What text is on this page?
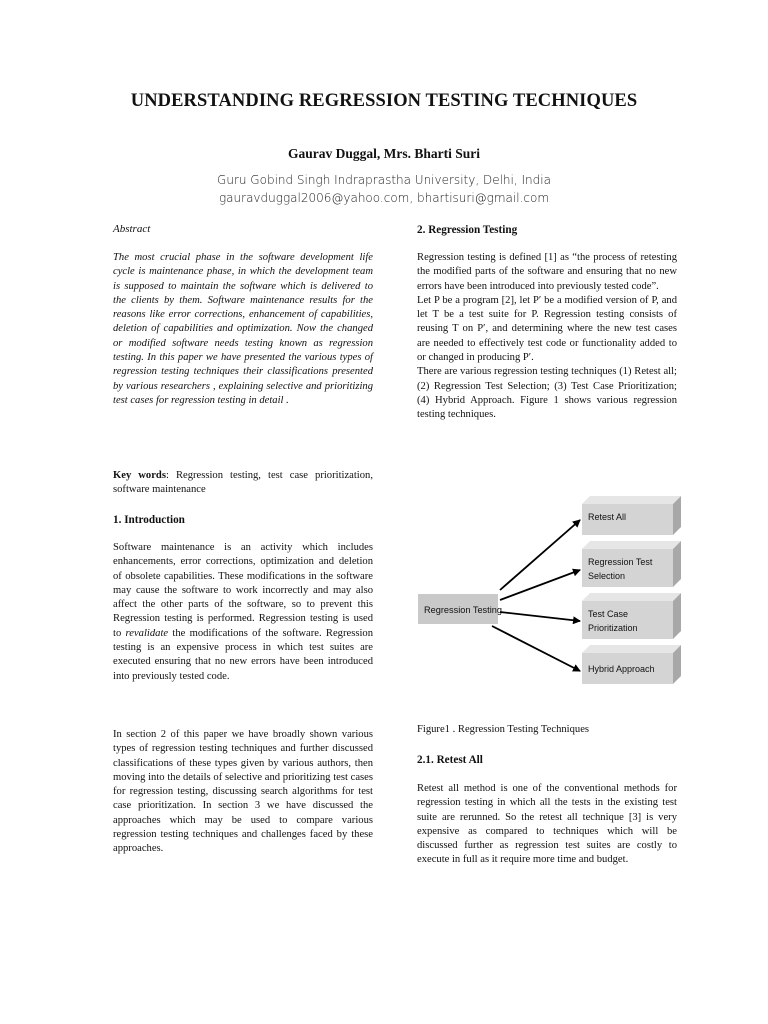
UNDERSTANDING REGRESSION TESTING TECHNIQUES
Gaurav Duggal, Mrs. Bharti Suri
Guru Gobind Singh Indraprastha University, Delhi, India
gauravduggal2006@yahoo.com, bhartisuri@gmail.com
Abstract

The most crucial phase in the software development life cycle is maintenance phase, in which the development team is supposed to maintain the software which is delivered to the clients by them. Software maintenance results for the reasons like error corrections, enhancement of capabilities, deletion of capabilities and optimization. Now the changed or modified software needs testing known as regression testing. In this paper we have presented the various types of regression testing techniques their classifications presented by various researchers , explaining selective and prioritizing test cases for regression testing in detail .

Key words: Regression testing, test case prioritization, software maintenance

1. Introduction

Software maintenance is an activity which includes enhancements, error corrections, optimization and deletion of obsolete capabilities. These modifications in the software may cause the software to work incorrectly and may also affect the other parts of the software, so to prevent this Regression testing is performed. Regression testing is used to revalidate the modifications of the software. Regression testing is an expensive process in which test suites are executed ensuring that no new errors have been introduced into previously tested code.

In section 2 of this paper we have broadly shown various types of regression testing techniques and further discussed classifications of these types given by various authors, then moving into the details of selective and prioritizing test cases for regression testing, discussing search algorithms for test case prioritization. In section 3 we have discussed the approaches which may be used to compare various regression testing techniques and challenges faced by these approaches.

2. Regression Testing

Regression testing is defined [1] as “the process of retesting the modified parts of the software and ensuring that no new errors have been introduced into previously tested code”.

Let P be a program [2], let P′ be a modified version of P, and let T be a test suite for P. Regression testing consists of reusing T on P′, and determining where the new test cases are needed to effectively test code or functionality added to or changed in producing P′.

There are various regression testing techniques (1) Retest all; (2) Regression Test Selection; (3) Test Case Prioritization; (4) Hybrid Approach. Figure 1 shows various regression testing techniques.

Regression Testing
Retest All
Regression Test
Selection
Test Case
Prioritization
Hybrid Approach
Figure1 . Regression Testing Techniques
2.1. Retest All

Retest all method is one of the conventional methods for regression testing in which all the tests in the existing test suite are rerunned. So the retest all technique [3] is very expensive as compared to techniques which will be discussed further as regression test suites are costly to execute in full as it require more time and budget.
